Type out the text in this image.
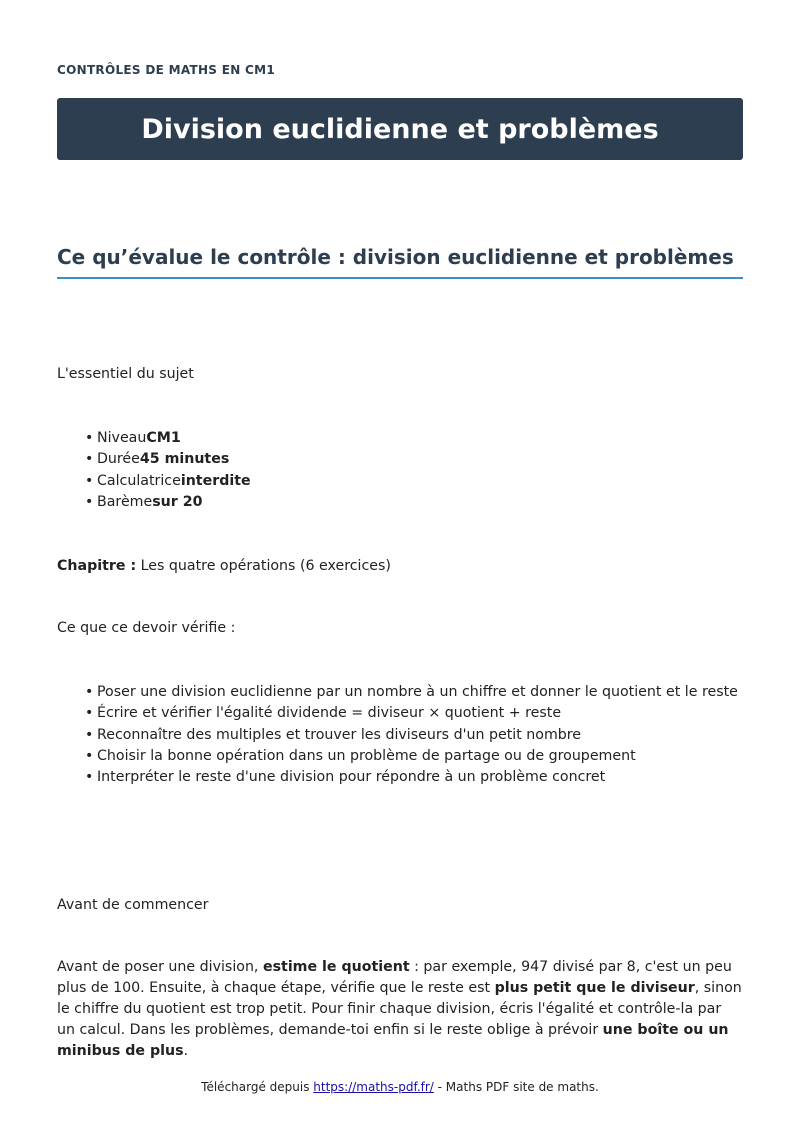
CONTRÔLES DE MATHS EN CM1
Division euclidienne et problèmes
Ce qu’évalue le contrôle : division euclidienne et problèmes

L'essentiel du sujet

• NiveauCM1
• Durée45 minutes
• Calculatriceinterdite
• Barèmesur 20

Chapitre : Les quatre opérations (6 exercices)

Ce que ce devoir vérifie :

• Poser une division euclidienne par un nombre à un chiffre et donner le quotient et le reste
• Écrire et vérifier l'égalité dividende = diviseur × quotient + reste
• Reconnaître des multiples et trouver les diviseurs d'un petit nombre
• Choisir la bonne opération dans un problème de partage ou de groupement
• Interpréter le reste d'une division pour répondre à un problème concret

Avant de commencer

Avant de poser une division, estime le quotient : par exemple, 947 divisé par 8, c'est un peu plus de 100. Ensuite, à chaque étape, vérifie que le reste est plus petit que le diviseur, sinon le chiffre du quotient est trop petit. Pour finir chaque division, écris l'égalité et contrôle-la par un calcul. Dans les problèmes, demande-toi enfin si le reste oblige à prévoir une boîte ou un minibus de plus.

Téléchargé depuis https://maths-pdf.fr/ - Maths PDF site de maths.
